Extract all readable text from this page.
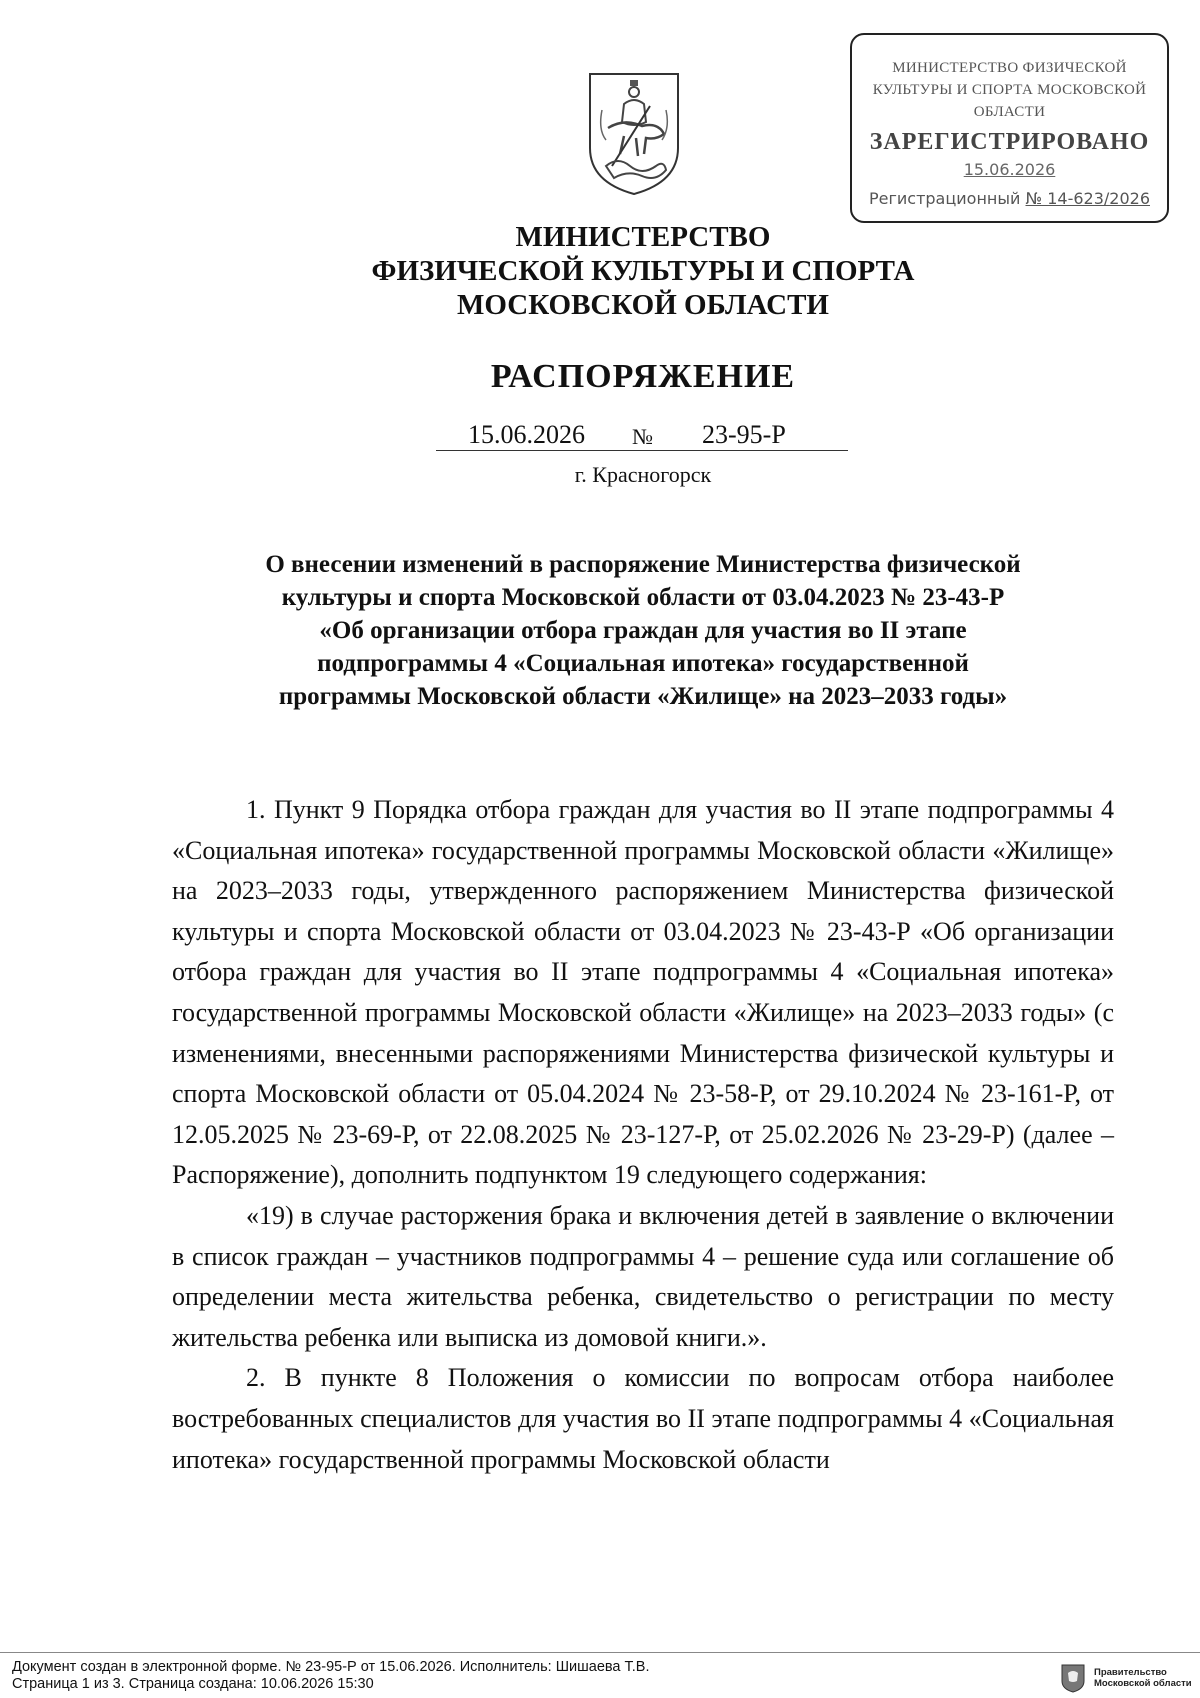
МИНИСТЕРСТВО ФИЗИЧЕСКОЙ
КУЛЬТУРЫ И СПОРТА МОСКОВСКОЙ
ОБЛАСТИ
ЗАРЕГИСТРИРОВАНО
15.06.2026
Регистрационный № 14-623/2026
МИНИСТЕРСТВО
ФИЗИЧЕСКОЙ КУЛЬТУРЫ И СПОРТА
МОСКОВСКОЙ ОБЛАСТИ
РАСПОРЯЖЕНИЕ
15.06.2026 № 23-95-Р
г. Красногорск
О внесении изменений в распоряжение Министерства физической
культуры и спорта Московской области от 03.04.2023 № 23-43-Р
«Об организации отбора граждан для участия во II этапе
подпрограммы 4 «Социальная ипотека» государственной
программы Московской области «Жилище» на 2023–2033 годы»

1. Пункт 9 Порядка отбора граждан для участия во II этапе подпрограммы 4 «Социальная ипотека» государственной программы Московской области «Жилище» на 2023–2033 годы, утвержденного распоряжением Министерства физической культуры и спорта Московской области от 03.04.2023 № 23-43-Р «Об организации отбора граждан для участия во II этапе подпрограммы 4 «Социальная ипотека» государственной программы Московской области «Жилище» на 2023–2033 годы» (с изменениями, внесенными распоряжениями Министерства физической культуры и спорта Московской области от 05.04.2024 № 23-58-Р, от 29.10.2024 № 23-161-Р, от 12.05.2025 № 23-69-Р, от 22.08.2025 № 23-127-Р, от 25.02.2026 № 23-29-Р) (далее – Распоряжение), дополнить подпунктом 19 следующего содержания:

«19) в случае расторжения брака и включения детей в заявление о включении в список граждан – участников подпрограммы 4 – решение суда или соглашение об определении места жительства ребенка, свидетельство о регистрации по месту жительства ребенка или выписка из домовой книги.».

2. В пункте 8 Положения о комиссии по вопросам отбора наиболее востребованных специалистов для участия во II этапе подпрограммы 4 «Социальная ипотека» государственной программы Московской области

Документ создан в электронной форме. № 23-95-Р от 15.06.2026. Исполнитель: Шишаева Т.В.
Страница 1 из 3. Страница создана: 10.06.2026 15:30
Правительство
Московской области
